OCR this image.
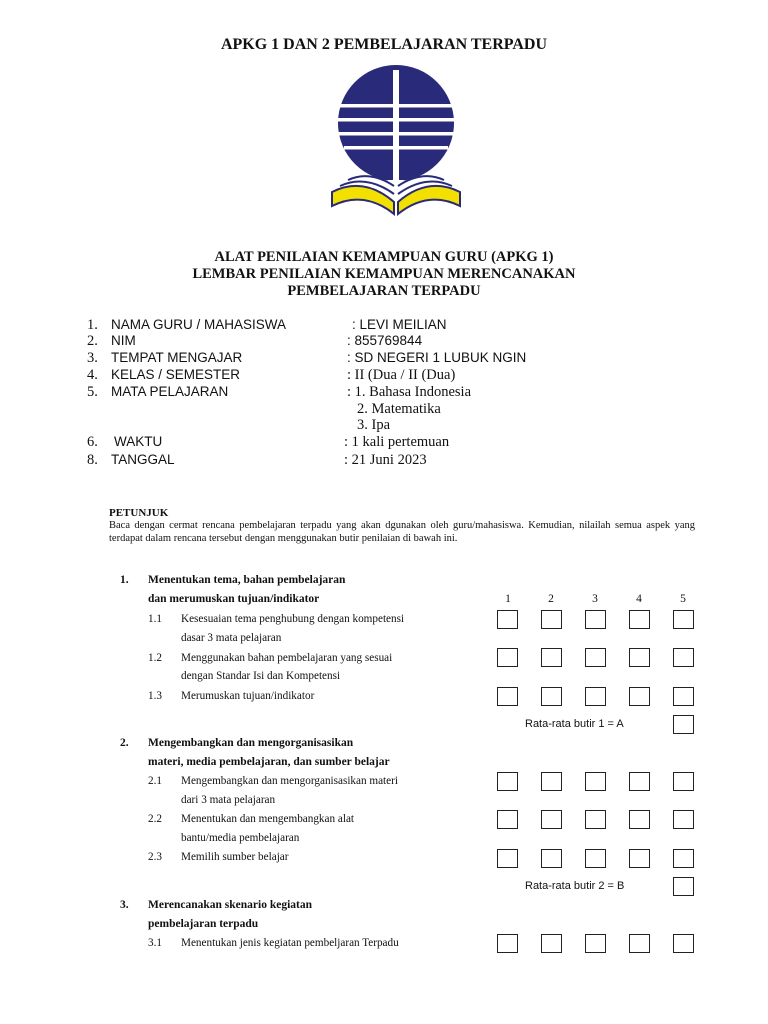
APKG 1 DAN 2 PEMBELAJARAN TERPADU
ALAT PENILAIAN KEMAMPUAN GURU (APKG 1)
LEMBAR PENILAIAN KEMAMPUAN MERENCANAKAN
PEMBELAJARAN TERPADU
1. NAMA GURU / MAHASISWA	: LEVI MEILIAN
2. NIM	: 855769844
3. TEMPAT MENGAJAR	: SD NEGERI 1 LUBUK NGIN
4. KELAS / SEMESTER	: II (Dua / II (Dua)
5. MATA PELAJARAN	: 1. Bahasa Indonesia
2. Matematika
3. Ipa
6. WAKTU	: 1 kali pertemuan
8. TANGGAL	: 21 Juni 2023
PETUNJUK
Baca dengan cermat rencana pembelajaran terpadu yang akan dgunakan oleh guru/mahasiswa. Kemudian, nilailah semua aspek yang terdapat dalam rencana tersebut dengan menggunakan butir penilaian di bawah ini.
1	2	3	4	5
1. Menentukan tema, bahan pembelajaran
dan merumuskan tujuan/indikator
1.1 Kesesuaian tema penghubung dengan kompetensi
dasar 3 mata pelajaran
1.2 Menggunakan bahan pembelajaran yang sesuai
dengan Standar Isi dan Kompetensi
1.3 Merumuskan tujuan/indikator
Rata-rata butir 1 = A
2. Mengembangkan dan mengorganisasikan
materi, media pembelajaran, dan sumber belajar
2.1 Mengembangkan dan mengorganisasikan materi
dari 3 mata pelajaran
2.2 Menentukan dan mengembangkan alat
bantu/media pembelajaran
2.3 Memilih sumber belajar
Rata-rata butir 2 = B
3. Merencanakan skenario kegiatan
pembelajaran terpadu
3.1 Menentukan jenis kegiatan pembeljaran Terpadu
